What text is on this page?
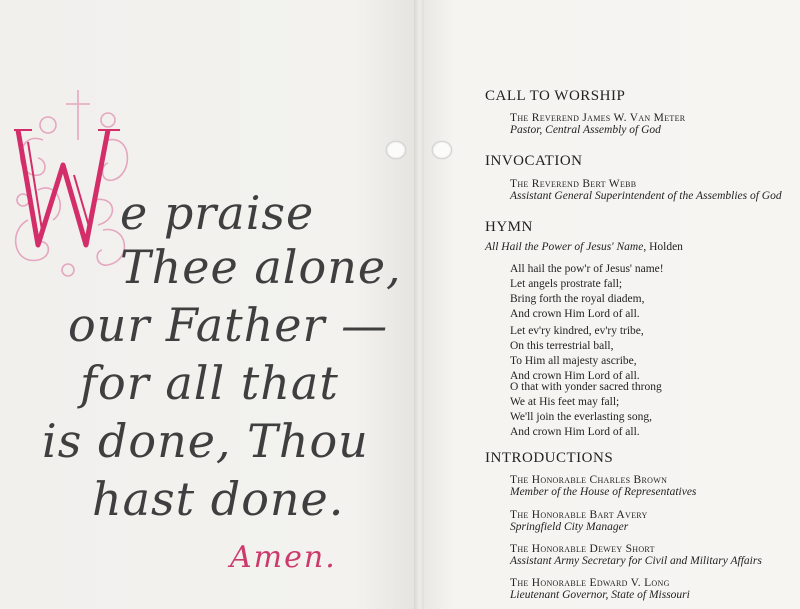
W e praise

Thee alone,

our Father —

for all that

is done, Thou

hast done.

Amen.

CALL TO WORSHIP

The Reverend James W. Van Meter
Pastor, Central Assembly of God

INVOCATION

The Reverend Bert Webb
Assistant General Superintendent of the Assemblies of God

HYMN

All Hail the Power of Jesus' Name, Holden
All hail the pow'r of Jesus' name!
Let angels prostrate fall;
Bring forth the royal diadem,
And crown Him Lord of all.
Let ev'ry kindred, ev'ry tribe,
On this terrestrial ball,
To Him all majesty ascribe,
And crown Him Lord of all.
O that with yonder sacred throng
We at His feet may fall;
We'll join the everlasting song,
And crown Him Lord of all.

INTRODUCTIONS

The Honorable Charles Brown
Member of the House of Representatives
The Honorable Bart Avery
Springfield City Manager
The Honorable Dewey Short
Assistant Army Secretary for Civil and Military Affairs
The Honorable Edward V. Long
Lieutenant Governor, State of Missouri
